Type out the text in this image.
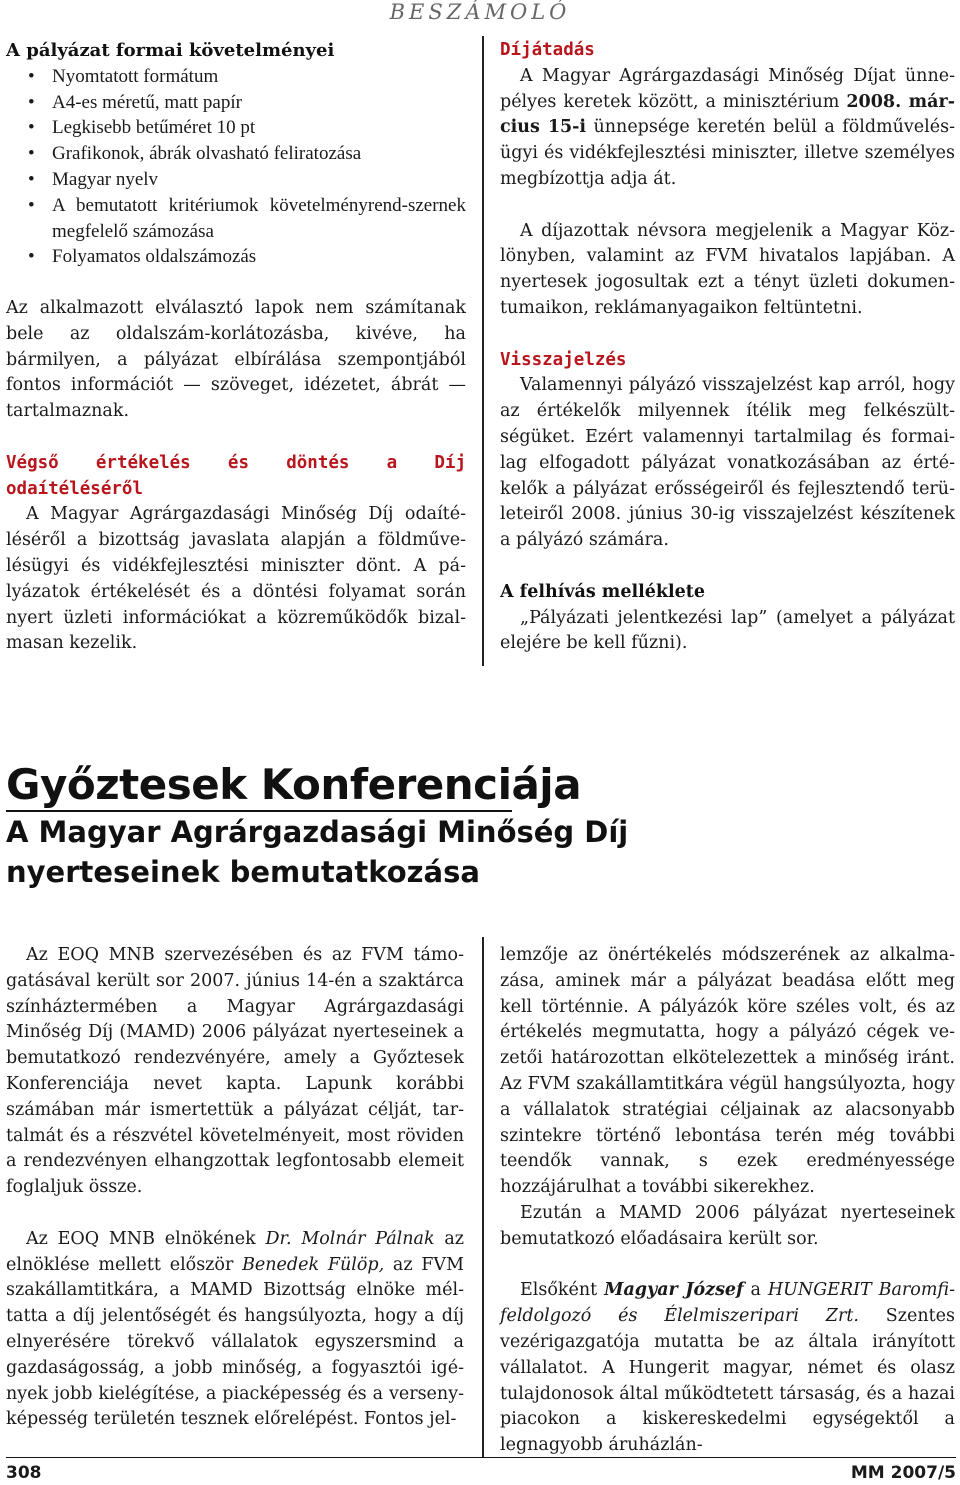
BESZÁMOLÓ

A pályázat formai követelményei

• Nyomtatott formátum
• A4-es méretű, matt papír
• Legkisebb betűméret 10 pt
• Grafikonok, ábrák olvasható feliratozása
• Magyar nyelv
• A bemutatott kritériumok követelményrend-szernek megfelelő számozása
• Folyamatos oldalszámozás

Az alkalmazott elválasztó lapok nem számítanak bele az oldalszám-korlátozásba, kivéve, ha bármilyen, a pályázat elbírálása szempontjából fontos információt — szöveget, idézetet, ábrát — tartalmaznak.

Végső értékelés és döntés a Díj odaítéléséről

A Magyar Agrárgazdasági Minőség Díj odaítéléséről a bizottság javaslata alapján a földművelésügyi és vidékfejlesztési miniszter dönt. A pályázatok értékelését és a döntési folyamat során nyert üzleti információkat a közreműködők bizalmasan kezelik.

Díjátadás

A Magyar Agrárgazdasági Minőség Díjat ünnepélyes keretek között, a minisztérium 2008. március 15-i ünnepsége keretén belül a földművelésügyi és vidékfejlesztési miniszter, illetve személyes megbízottja adja át.

A díjazottak névsora megjelenik a Magyar Közlönyben, valamint az FVM hivatalos lapjában. A nyertesek jogosultak ezt a tényt üzleti dokumentumaikon, reklámanyagaikon feltüntetni.

Visszajelzés

Valamennyi pályázó visszajelzést kap arról, hogy az értékelők milyennek ítélik meg felkészültségüket. Ezért valamennyi tartalmilag és formailag elfogadott pályázat vonatkozásában az értékelők a pályázat erősségeiről és fejlesztendő területeiről 2008. június 30-ig visszajelzést készítenek a pályázó számára.

A felhívás melléklete

„Pályázati jelentkezési lap” (amelyet a pályázat elejére be kell fűzni).

Győztesek Konferenciája
A Magyar Agrárgazdasági Minőség Díj
nyerteseinek bemutatkozása

Az EOQ MNB szervezésében és az FVM támogatásával került sor 2007. június 14-én a szaktárca színháztermében a Magyar Agrárgazdasági Minőség Díj (MAMD) 2006 pályázat nyerteseinek a bemutatkozó rendezvényére, amely a Győztesek Konferenciája nevet kapta. Lapunk korábbi számában már ismertettük a pályázat célját, tartalmát és a részvétel követelményeit, most röviden a rendezvényen elhangzottak legfontosabb elemeit foglaljuk össze.

Az EOQ MNB elnökének Dr. Molnár Pálnak az elnöklése mellett először Benedek Fülöp, az FVM szakállamtitkára, a MAMD Bizottság elnöke méltatta a díj jelentőségét és hangsúlyozta, hogy a díj elnyerésére törekvő vállalatok egyszersmind a gazdaságosság, a jobb minőség, a fogyasztói igények jobb kielégítése, a piacképesség és a versenyképesség területén tesznek előrelépést. Fontos jel-

lemzője az önértékelés módszerének az alkalmazása, aminek már a pályázat beadása előtt meg kell történnie. A pályázók köre széles volt, és az értékelés megmutatta, hogy a pályázó cégek vezetői határozottan elkötelezettek a minőség iránt. Az FVM szakállamtitkára végül hangsúlyozta, hogy a vállalatok stratégiai céljainak az alacsonyabb szintekre történő lebontása terén még további teendők vannak, s ezek eredményessége hozzájárulhat a további sikerekhez.

Ezután a MAMD 2006 pályázat nyerteseinek bemutatkozó előadásaira került sor.

Elsőként Magyar József a HUNGERIT Baromfifeldolgozó és Élelmiszeripari Zrt. Szentes vezérigazgatója mutatta be az általa irányított vállalatot. A Hungerit magyar, német és olasz tulajdonosok által működtetett társaság, és a hazai piacokon a kiskereskedelmi egységektől a legnagyobb áruházlán-

308	MM 2007/5
